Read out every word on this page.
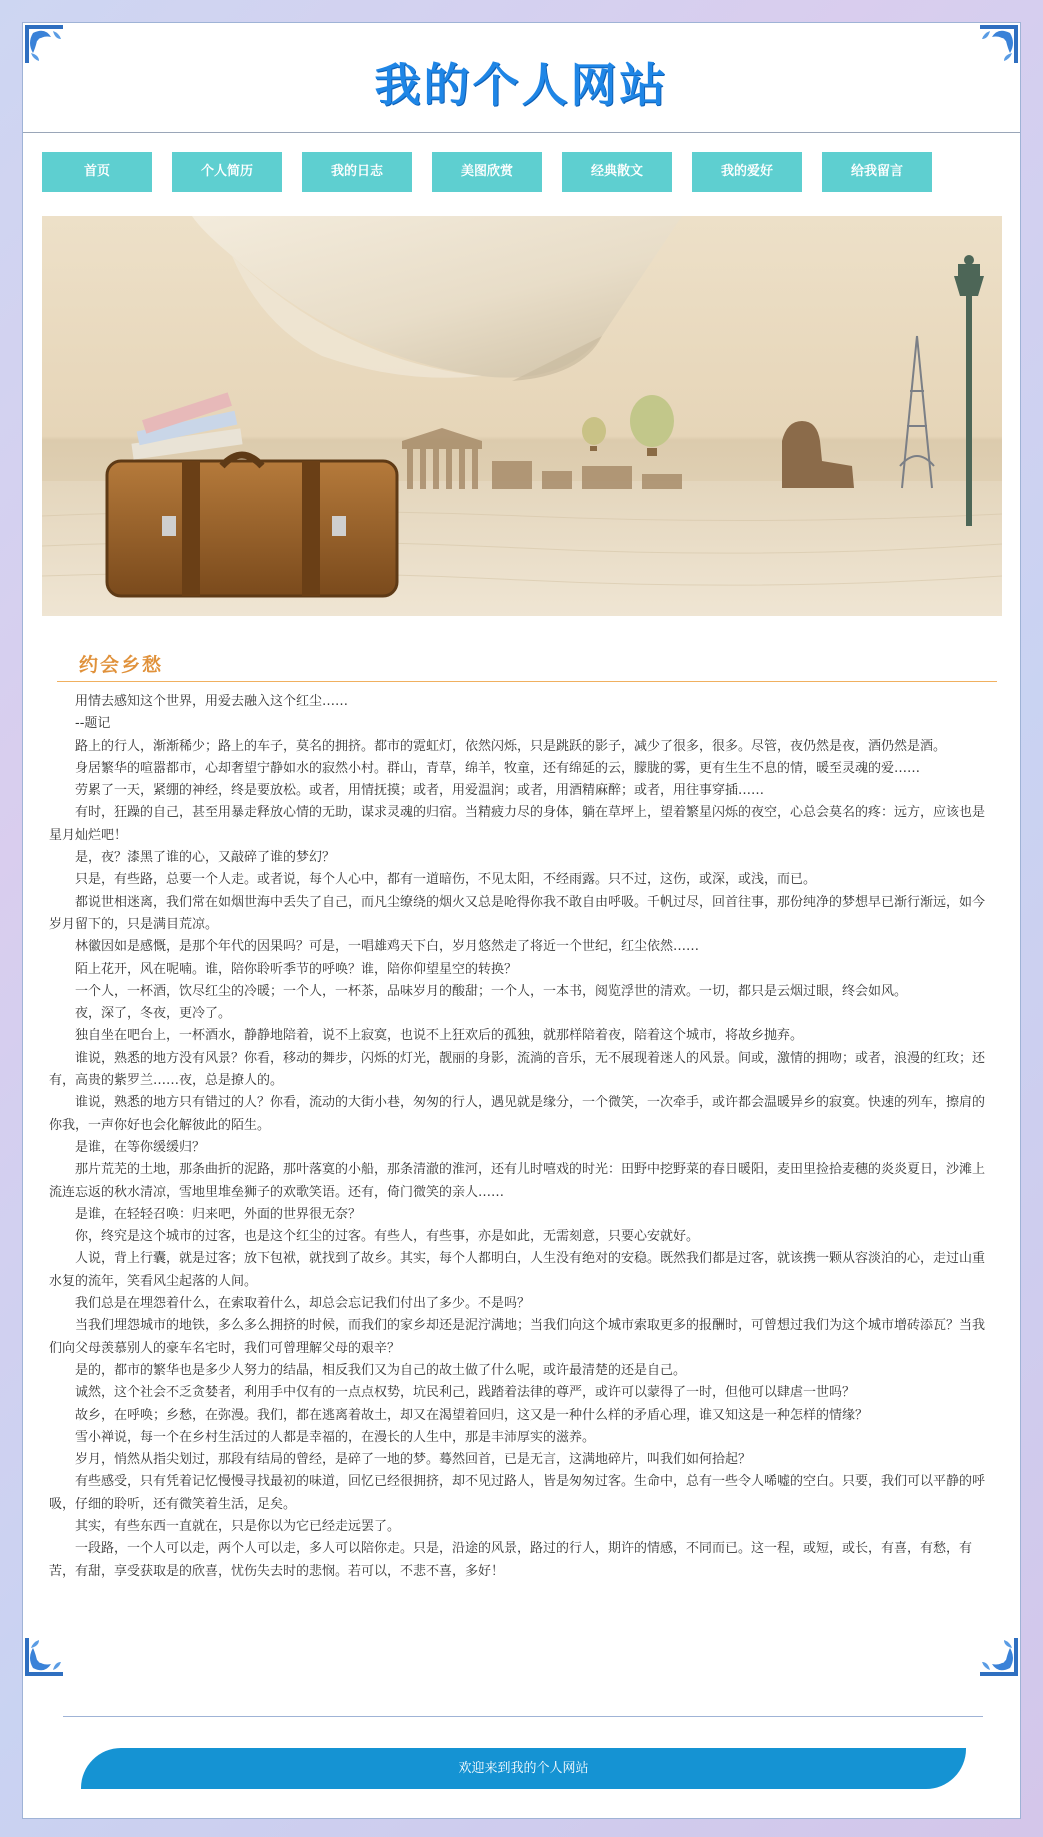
我的个人网站
首页	个人简历	我的日志	美图欣赏	经典散文	我的爱好	给我留言
约会乡愁

用情去感知这个世界，用爱去融入这个红尘……

--题记

路上的行人，渐渐稀少；路上的车子，莫名的拥挤。都市的霓虹灯，依然闪烁，只是跳跃的影子，减少了很多，很多。尽管，夜仍然是夜，酒仍然是酒。

身居繁华的喧嚣都市，心却奢望宁静如水的寂然小村。群山，青草，绵羊，牧童，还有绵延的云，朦胧的雾，更有生生不息的情，暖至灵魂的爱……

劳累了一天，紧绷的神经，终是要放松。或者，用情抚摸；或者，用爱温润；或者，用酒精麻醉；或者，用往事穿插……

有时，狂躁的自己，甚至用暴走释放心情的无助，谋求灵魂的归宿。当精疲力尽的身体，躺在草坪上，望着繁星闪烁的夜空，心总会莫名的疼：远方，应该也是星月灿烂吧！

是，夜？漆黑了谁的心，又敲碎了谁的梦幻？

只是，有些路，总要一个人走。或者说，每个人心中，都有一道暗伤，不见太阳，不经雨露。只不过，这伤，或深，或浅，而已。

都说世相迷离，我们常在如烟世海中丢失了自己，而凡尘缭绕的烟火又总是呛得你我不敢自由呼吸。千帆过尽，回首往事，那份纯净的梦想早已渐行渐远，如今岁月留下的，只是满目荒凉。

林徽因如是感慨，是那个年代的因果吗？可是，一唱雄鸡天下白，岁月悠然走了将近一个世纪，红尘依然……

陌上花开，风在呢喃。谁，陪你聆听季节的呼唤？谁，陪你仰望星空的转换？

一个人，一杯酒，饮尽红尘的冷暖；一个人，一杯茶，品味岁月的酸甜；一个人，一本书，阅览浮世的清欢。一切，都只是云烟过眼，终会如风。

夜，深了，冬夜，更冷了。

独自坐在吧台上，一杯酒水，静静地陪着，说不上寂寞，也说不上狂欢后的孤独，就那样陪着夜，陪着这个城市，将故乡抛弃。

谁说，熟悉的地方没有风景？你看，移动的舞步，闪烁的灯光，靓丽的身影，流淌的音乐，无不展现着迷人的风景。间或，激情的拥吻；或者，浪漫的红玫；还有，高贵的紫罗兰……夜，总是撩人的。

谁说，熟悉的地方只有错过的人？你看，流动的大街小巷，匆匆的行人，遇见就是缘分，一个微笑，一次牵手，或许都会温暖异乡的寂寞。快速的列车，擦肩的你我，一声你好也会化解彼此的陌生。

是谁，在等你缓缓归？

那片荒芜的土地，那条曲折的泥路，那叶落寞的小船，那条清澈的淮河，还有儿时嘻戏的时光：田野中挖野菜的春日暖阳，麦田里捡拾麦穗的炎炎夏日，沙滩上流连忘返的秋水清凉，雪地里堆垒狮子的欢歌笑语。还有，倚门微笑的亲人……

是谁，在轻轻召唤：归来吧，外面的世界很无奈？

你，终究是这个城市的过客，也是这个红尘的过客。有些人，有些事，亦是如此，无需刻意，只要心安就好。

人说，背上行囊，就是过客；放下包袱，就找到了故乡。其实，每个人都明白，人生没有绝对的安稳。既然我们都是过客，就该携一颗从容淡泊的心，走过山重水复的流年，笑看风尘起落的人间。

我们总是在埋怨着什么，在索取着什么，却总会忘记我们付出了多少。不是吗？

当我们埋怨城市的地铁，多么多么拥挤的时候，而我们的家乡却还是泥泞满地；当我们向这个城市索取更多的报酬时，可曾想过我们为这个城市增砖添瓦？当我们向父母羡慕别人的豪车名宅时，我们可曾理解父母的艰辛？

是的，都市的繁华也是多少人努力的结晶，相反我们又为自己的故土做了什么呢，或许最清楚的还是自己。

诚然，这个社会不乏贪婪者，利用手中仅有的一点点权势，坑民利己，践踏着法律的尊严，或许可以蒙得了一时，但他可以肆虐一世吗？

故乡，在呼唤；乡愁，在弥漫。我们，都在逃离着故土，却又在渴望着回归，这又是一种什么样的矛盾心理，谁又知这是一种怎样的情缘？

雪小禅说，每一个在乡村生活过的人都是幸福的，在漫长的人生中，那是丰沛厚实的滋养。

岁月，悄然从指尖划过，那段有结局的曾经，是碎了一地的梦。蓦然回首，已是无言，这满地碎片，叫我们如何拾起？

有些感受，只有凭着记忆慢慢寻找最初的味道，回忆已经很拥挤，却不见过路人，皆是匆匆过客。生命中，总有一些令人唏嘘的空白。只要，我们可以平静的呼吸，仔细的聆听，还有微笑着生活，足矣。

其实，有些东西一直就在，只是你以为它已经走远罢了。

一段路，一个人可以走，两个人可以走，多人可以陪你走。只是，沿途的风景，路过的行人，期许的情感，不同而已。这一程，或短，或长，有喜，有愁，有苦，有甜，享受获取是的欣喜，忧伤失去时的悲悯。若可以，不悲不喜，多好！

欢迎来到我的个人网站
